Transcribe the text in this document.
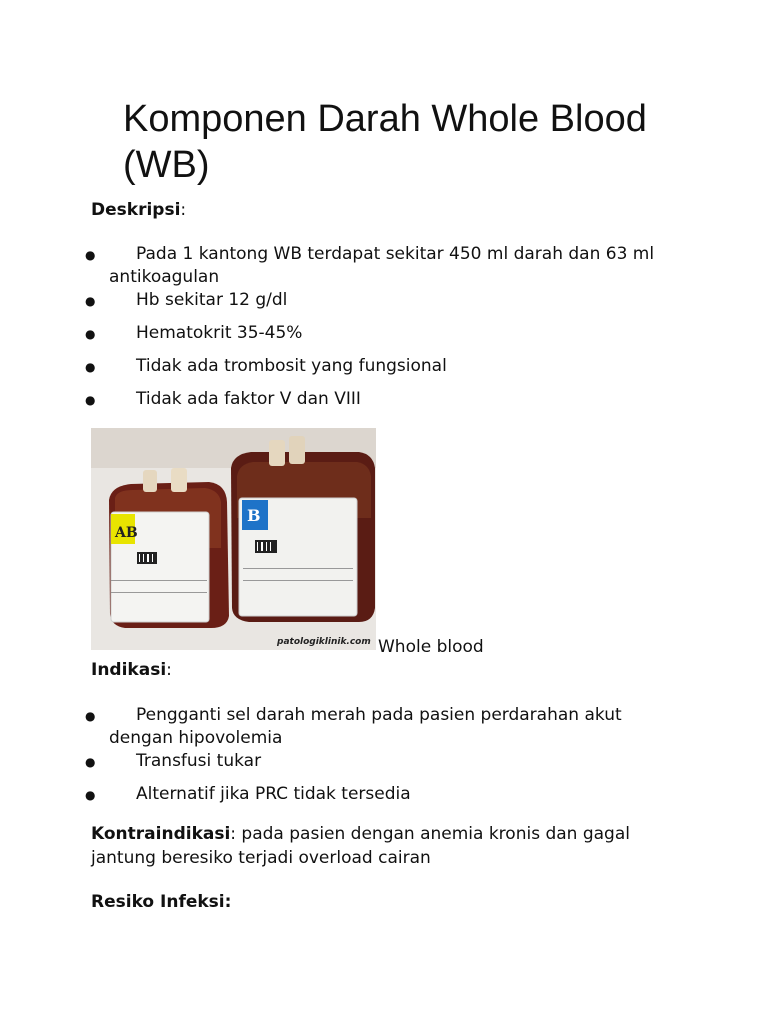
Komponen Darah Whole Blood (WB)

Deskripsi:

● Pada 1 kantong WB terdapat sekitar 450 ml darah dan 63 ml antikoagulan
● Hb sekitar 12 g/dl
● Hematokrit 35-45%
● Tidak ada trombosit yang fungsional
● Tidak ada faktor V dan VIII
AB
B
patologiklinik.com Whole blood

Indikasi:

● Pengganti sel darah merah pada pasien perdarahan akut dengan hipovolemia
● Transfusi tukar
● Alternatif jika PRC tidak tersedia

Kontraindikasi: pada pasien dengan anemia kronis dan gagal jantung beresiko terjadi overload cairan

Resiko Infeksi:
